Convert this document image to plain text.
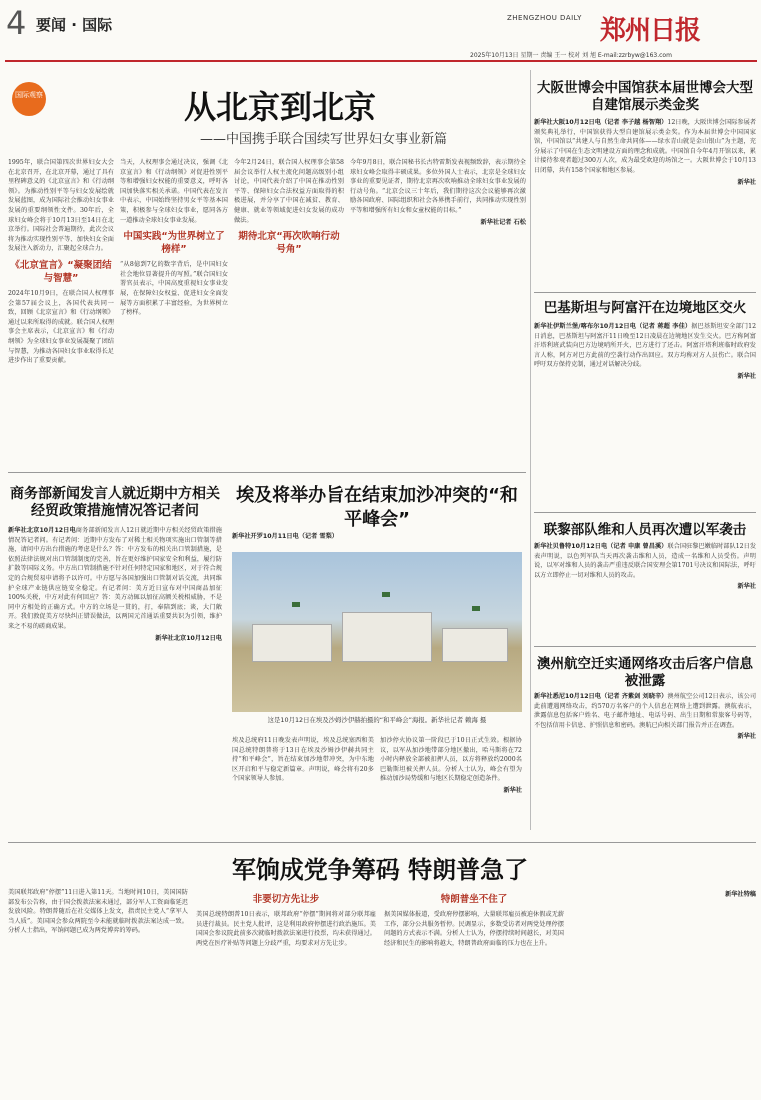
4 要闻 · 国际	ZHENGZHOU DAILY 郑州日报
2025年10月13日 星期一 责编 王一 校对 刘 旭 E-mail:zzrbyw@163.com
国际观察	从北京到北京
——中国携手联合国续写世界妇女事业新篇
1995年，联合国第四次世界妇女大会在北京召开，在北京开幕，通过了具有里程碑意义的《北京宣言》和《行动纲领》。为推动性别平等与妇女发展绘就发展蓝图，成为国际社会推动妇女事业发展的重要纲领性文件。30年后，全球妇女峰会将于10月13日至14日在北京举行。国际社会普遍期待，此次会议将为推动实现性别平等、加快妇女全面发展注入新动力，汇聚起全球合力。
《北京宣言》“凝聚团结与智慧”
2024年10月9日，在联合国人权理事会第57届会议上，各国代表共同一致，回顾《北京宣言》和《行动纲领》通过以来所取得的成就。联合国人权理事会主席表示，《北京宣言》和《行动纲领》为全球妇女事业发展凝聚了团结与智慧，为推动各国妇女事业取得长足进步作出了重要贡献。
当天，人权理事会通过决议，强调《北京宣言》和《行动纲领》对促进性别平等和增强妇女权能的重要意义，呼吁各国加快落实相关承诺。中国代表在发言中表示，中国始终坚持男女平等基本国策，积极参与全球妇女事业，愿同各方一道推动全球妇女事业发展。
中国实践“为世界树立了榜样”
“从8億到7亿的数字背后，是中国妇女社会地位显著提升的写照。”联合国妇女署官员表示，中国高度重视妇女事业发展，在保障妇女权益、促进妇女全面发展等方面积累了丰富经验，为世界树立了榜样。
今年2月24日，联合国人权理事会第58届会议举行人权主流化问题高级别小组讨论，中国代表介绍了中国在推动性别平等、保障妇女合法权益方面取得的积极进展，并分享了中国在减贫、教育、健康、就业等领域促进妇女发展的成功做法。
期待北京“再次吹响行动号角”
今年9月8日，联合国秘书长古特雷斯发表视频致辞，表示期待全球妇女峰会取得丰硕成果。多位外国人士表示，北京是全球妇女事业的重要见证者，期待北京再次吹响推动全球妇女事业发展的行动号角。“北京会议三十年后，我们期待这次会议能够再次激励各国政府、国际组织和社会各界携手前行，共同推动实现性别平等和增强所有妇女和女童权能的目标。”
新华社记者 石松
大阪世博会中国馆获本届世博会大型自建馆展示类金奖
新华社大阪10月12日电（记者 李子越 杨智翔）12日晚，大阪世博会国际参展者颁奖典礼举行，中国馆获得大型自建馆展示类金奖。作为本届世博会中国国家馆，中国馆以“共建人与自然生命共同体——绿水青山就是金山银山”为主题，充分展示了中国在生态文明建设方面的理念和成就。中国馆自今年4月开馆以来，累计接待参观者超过300万人次，成为最受欢迎的场馆之一。大阪世博会于10月13日闭幕，共有158个国家和地区参展。
新华社
巴基斯坦与阿富汗在边境地区交火
新华社伊斯兰堡/喀布尔10月12日电（记者 蒋超 李佳）据巴基斯坦安全部门12日消息，巴基斯坦与阿富汗11日晚至12日凌晨在边境地区发生交火。巴方称阿富汗塔利班武装向巴方边境哨所开火，巴方进行了还击。阿富汗塔利班临时政府发言人称，阿方对巴方此前的空袭行动作出回应。双方均称对方人员伤亡。联合国呼吁双方保持克制，通过对话解决分歧。
新华社
联黎部队维和人员再次遭以军袭击
新华社贝鲁特10月12日电（记者 申康 曾昌溪）联合国驻黎巴嫩临时部队12日发表声明说，以色列军队当天再次袭击维和人员，造成一名维和人员受伤。声明说，以军对维和人员的袭击严重违反联合国安理会第1701号决议和国际法，呼吁以方立即停止一切对维和人员的攻击。
新华社
澳州航空迁实通网络攻击后客户信息被泄露
新华社悉尼10月12日电（记者 齐紫剑 刘晓辛）澳州航空公司12日表示，该公司此前遭遇网络攻击，约570万名客户的个人信息在网络上遭到泄露。澳航表示，泄露信息包括客户姓名、电子邮件地址、电话号码、出生日期和常旅客号码等，不包括信用卡信息、护照信息和密码。澳航已向相关部门报告并正在调查。
新华社
商务部新闻发言人就近期中方相关经贸政策措施情况答记者问
新华社北京10月12日电商务部新闻发言人12日就近期中方相关经贸政策措施情况答记者问。有记者问：近期中方发布了对稀土相关物项实施出口管制等措施，请问中方出台措施的考虑是什么？答：中方发布的相关出口管制措施，是依照法律法规对出口管制制度的完善，旨在更好维护国家安全和利益，履行防扩散等国际义务。中方出口管制措施不针对任何特定国家和地区，对于符合规定的合规贸易申请将予以许可。中方愿与各国加强出口管制对话交流，共同维护全球产业链供应链安全稳定。有记者问：美方近日宣布对中国商品加征100%关税，中方对此有何回应？答：美方动辄以加征高额关税相威胁，不是同中方相处的正确方式。中方的立场是一贯的，打，奉陪到底；谈，大门敞开。我们敦促美方尽快纠正错误做法，以两国元首通话重要共识为引领，维护来之不易的磋商成果。
新华社北京10月12日电
埃及将举办旨在结束加沙冲突的“和平峰会”
新华社开罗10月11日电（记者 雪梨）
这是10月12日在埃及沙姆沙伊赫拍摄的“和平峰会”海报。新华社记者 赖海 摄
埃及总统府11日晚发表声明说，埃及总统塞西和美国总统特朗普将于13日在埃及沙姆沙伊赫共同主持“和平峰会”，旨在结束加沙地带冲突，为中东地区开启和平与稳定新篇章。声明说，峰会将有20多个国家领导人参加。
加沙停火协议第一阶段已于10日正式生效。根据协议，以军从加沙地带部分地区撤出，哈马斯将在72小时内释放全部被扣押人员，以方将释放约2000名巴勒斯坦被关押人员。分析人士认为，峰会有望为推动加沙局势缓和与地区长期稳定创造条件。
新华社
军饷成党争筹码 特朗普急了
美国联邦政府“停摆”11日进入第11天。当地时间10日，美国国防部发布公告称，由于国会拨款法案未通过，部分军人工资面临延迟发放风险。特朗普随后在社交媒体上发文，指责民主党人“拿军人当人质”。美国国会参众两院至今未能就临时拨款法案达成一致。分析人士指出，军饷问题已成为两党博弈的筹码。
非要切方先让步
美国总统特朗普10日表示，联邦政府“停摆”期间将对部分联邦雇员进行裁员。民主党人批评，这是利用政府停摆进行政治施压。美国国会参议院此前多次就临时拨款法案进行投票，均未获得通过。两党在医疗补贴等问题上分歧严重，均要求对方先让步。
特朗普坐不住了
据美国媒体报道，受政府停摆影响，大量联邦雇员被迫休假或无薪工作，部分公共服务暂停。民调显示，多数受访者对两党处理停摆问题的方式表示不满。分析人士认为，停摆持续时间越长，对美国经济和民生的影响将越大，特朗普政府面临的压力也在上升。
新华社特稿
